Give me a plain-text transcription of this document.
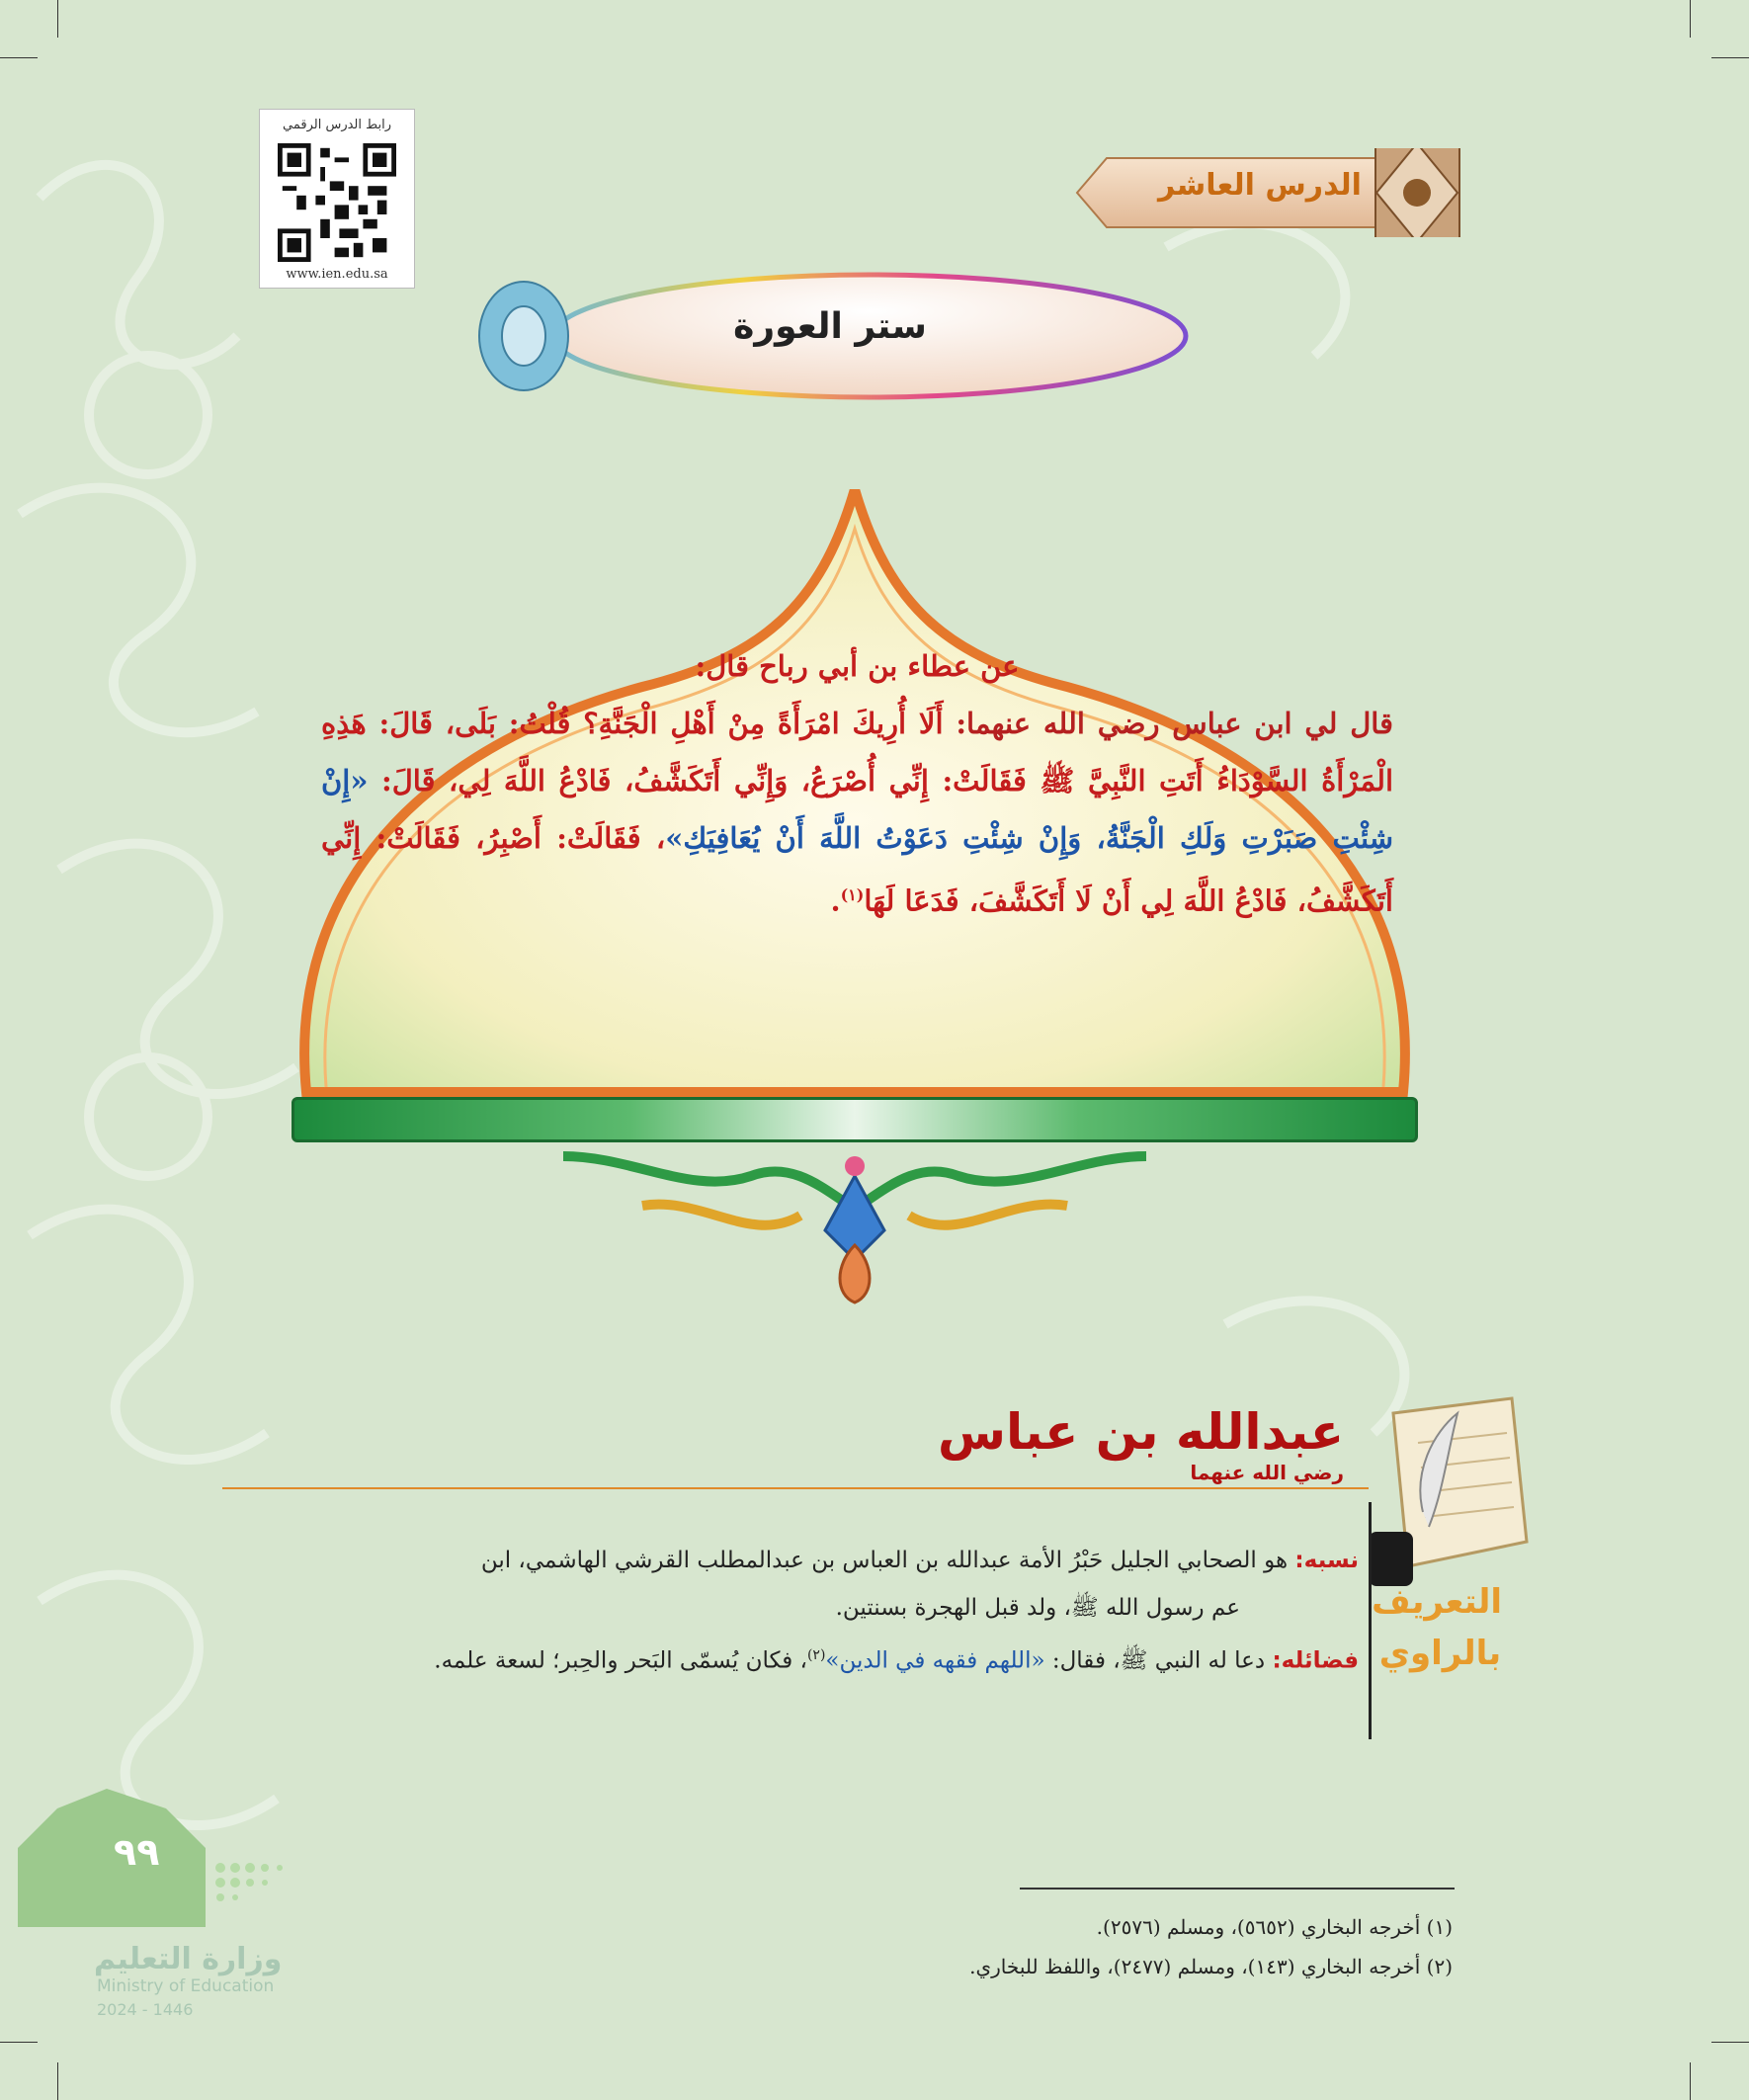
رابط الدرس الرقمي
www.ien.edu.sa
الدرس العاشر
ستر العورة
عن عطاء بن أبي رباح قال:
قال لي ابن عباس رضي الله عنهما: أَلَا أُرِيكَ امْرَأَةً مِنْ أَهْلِ الْجَنَّةِ؟ قُلْتُ: بَلَى، قَالَ: هَذِهِ الْمَرْأَةُ السَّوْدَاءُ أَتَتِ النَّبِيَّ ﷺ فَقَالَتْ: إِنِّي أُصْرَعُ، وَإِنِّي أَتَكَشَّفُ، فَادْعُ اللَّهَ لِي، قَالَ: «إِنْ شِئْتِ صَبَرْتِ وَلَكِ الْجَنَّةُ، وَإِنْ شِئْتِ دَعَوْتُ اللَّهَ أَنْ يُعَافِيَكِ»، فَقَالَتْ: أَصْبِرُ، فَقَالَتْ: إِنِّي أَتَكَشَّفُ، فَادْعُ اللَّهَ لِي أَنْ لَا أَتَكَشَّفَ، فَدَعَا لَهَا$^{(١)}$.
عبدالله بن عباس $^{رضي الله عنهما}$
التعريف
بالراوي
نسبه: هو الصحابي الجليل حَبْرُ الأمة عبدالله بن العباس بن عبدالمطلب القرشي الهاشمي، ابن
عم رسول الله ﷺ، ولد قبل الهجرة بسنتين.
فضائله: دعا له النبي ﷺ، فقال: «اللهم فقهه في الدين»$^{(٢)}$، فكان يُسمّى البَحر والحِبر؛ لسعة علمه.
٩٩
وزارة التعليم
Ministry of Education
2024 - 1446
(١) أخرجه البخاري (٥٦٥٢)، ومسلم (٢٥٧٦).
(٢) أخرجه البخاري (١٤٣)، ومسلم (٢٤٧٧)، واللفظ للبخاري.
